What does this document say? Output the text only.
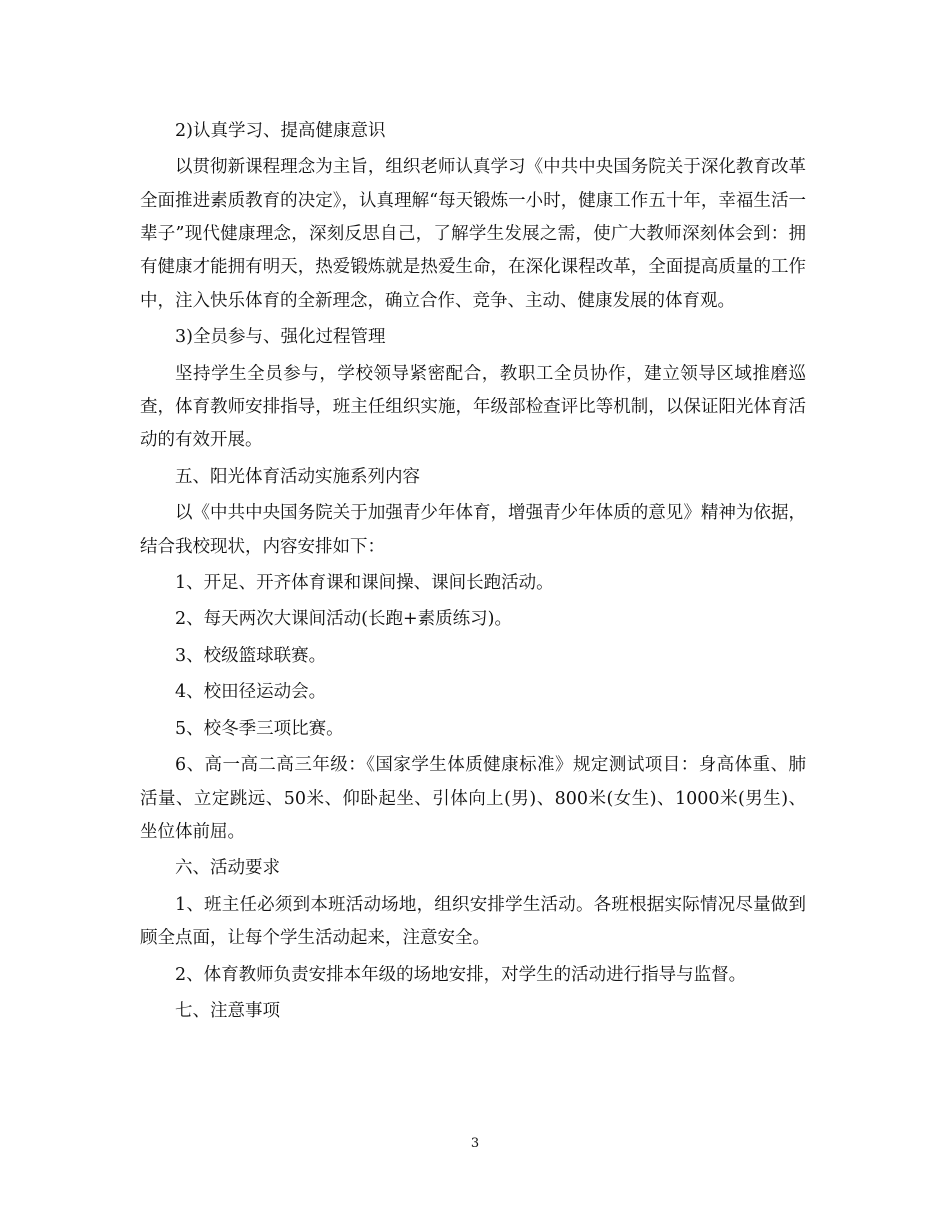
2)认真学习、提高健康意识

以贯彻新课程理念为主旨，组织老师认真学习《中共中央国务院关于深化教育改革全面推进素质教育的决定》，认真理解“每天锻炼一小时，健康工作五十年，幸福生活一辈子”现代健康理念，深刻反思自己，了解学生发展之需，使广大教师深刻体会到：拥有健康才能拥有明天，热爱锻炼就是热爱生命，在深化课程改革，全面提高质量的工作中，注入快乐体育的全新理念，确立合作、竞争、主动、健康发展的体育观。

3)全员参与、强化过程管理

坚持学生全员参与，学校领导紧密配合，教职工全员协作，建立领导区域推磨巡查，体育教师安排指导，班主任组织实施，年级部检查评比等机制，以保证阳光体育活动的有效开展。

五、阳光体育活动实施系列内容

以《中共中央国务院关于加强青少年体育，增强青少年体质的意见》精神为依据，结合我校现状，内容安排如下：

1、开足、开齐体育课和课间操、课间长跑活动。

2、每天两次大课间活动(长跑+素质练习)。

3、校级篮球联赛。

4、校田径运动会。

5、校冬季三项比赛。

6、高一高二高三年级：《国家学生体质健康标准》规定测试项目：身高体重、肺活量、立定跳远、50米、仰卧起坐、引体向上(男)、800米(女生)、1000米(男生)、坐位体前屈。

六、活动要求

1、班主任必须到本班活动场地，组织安排学生活动。各班根据实际情况尽量做到顾全点面，让每个学生活动起来，注意安全。

2、体育教师负责安排本年级的场地安排，对学生的活动进行指导与监督。

七、注意事项

3
